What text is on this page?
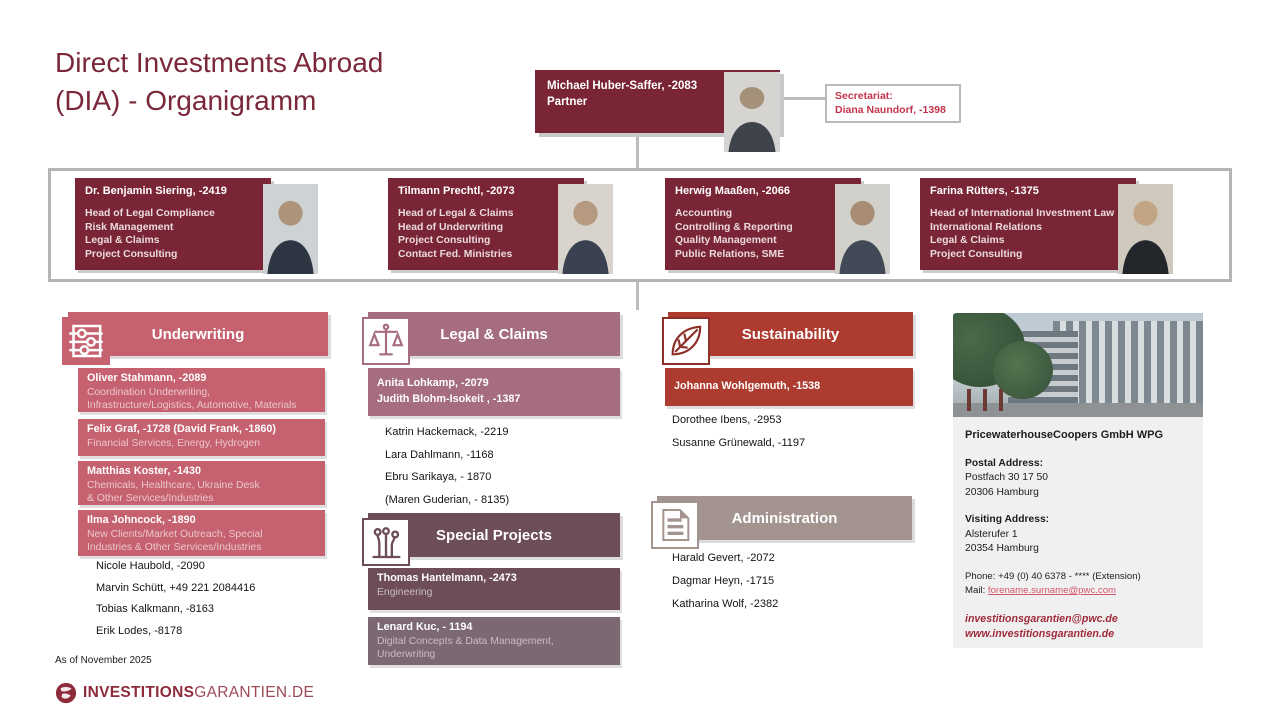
Direct Investments Abroad
(DIA) - Organigramm	Michael Huber-Saffer, -2083
Partner	Secretariat:
Diana Naundorf, -1398
Dr. Benjamin Siering, -2419
Head of Legal Compliance
Risk Management
Legal & Claims
Project Consulting
Tilmann Prechtl, -2073
Head of Legal & Claims
Head of Underwriting
Project Consulting
Contact Fed. Ministries
Herwig Maaßen, -2066
Accounting
Controlling & Reporting
Quality Management
Public Relations, SME
Farina Rütters, -1375
Head of International Investment Law
International Relations
Legal & Claims
Project Consulting
Underwriting
Oliver Stahmann, -2089
Coordination Underwriting,
Infrastructure/Logistics, Automotive, Materials
Felix Graf, -1728 (David Frank, -1860)
Financial Services, Energy, Hydrogen
Matthias Koster, -1430
Chemicals, Healthcare, Ukraine Desk
& Other Services/Industries
Ilma Johncock, -1890
New Clients/Market Outreach, Special
Industries & Other Services/Industries
Nicole Haubold, -2090
Marvin Schütt, +49 221 2084416
Tobias Kalkmann, -8163
Erik Lodes, -8178
Legal & Claims
Anita Lohkamp, -2079
Judith Blohm-Isokeit , -1387
Katrin Hackemack, -2219
Lara Dahlmann, -1168
Ebru Sarikaya, - 1870
(Maren Guderian, - 8135)
Special Projects
Thomas Hantelmann, -2473
Engineering
Lenard Kuc, - 1194
Digital Concepts & Data Management,
Underwriting
Sustainability
Johanna Wohlgemuth, -1538
Dorothee Ibens, -2953
Susanne Grünewald, -1197
Administration
Harald Gevert, -2072
Dagmar Heyn, -1715
Katharina Wolf, -2382
PricewaterhouseCoopers GmbH WPG
Postal Address:
Postfach 30 17 50
20306 Hamburg
Visiting Address:
Alsterufer 1
20354 Hamburg
Phone: +49 (0) 40 6378 - **** (Extension)
Mail: forename.surname@pwc.com
investitionsgarantien@pwc.de
www.investitionsgarantien.de
As of November 2025
INVESTITIONS GARANTIEN.DE
